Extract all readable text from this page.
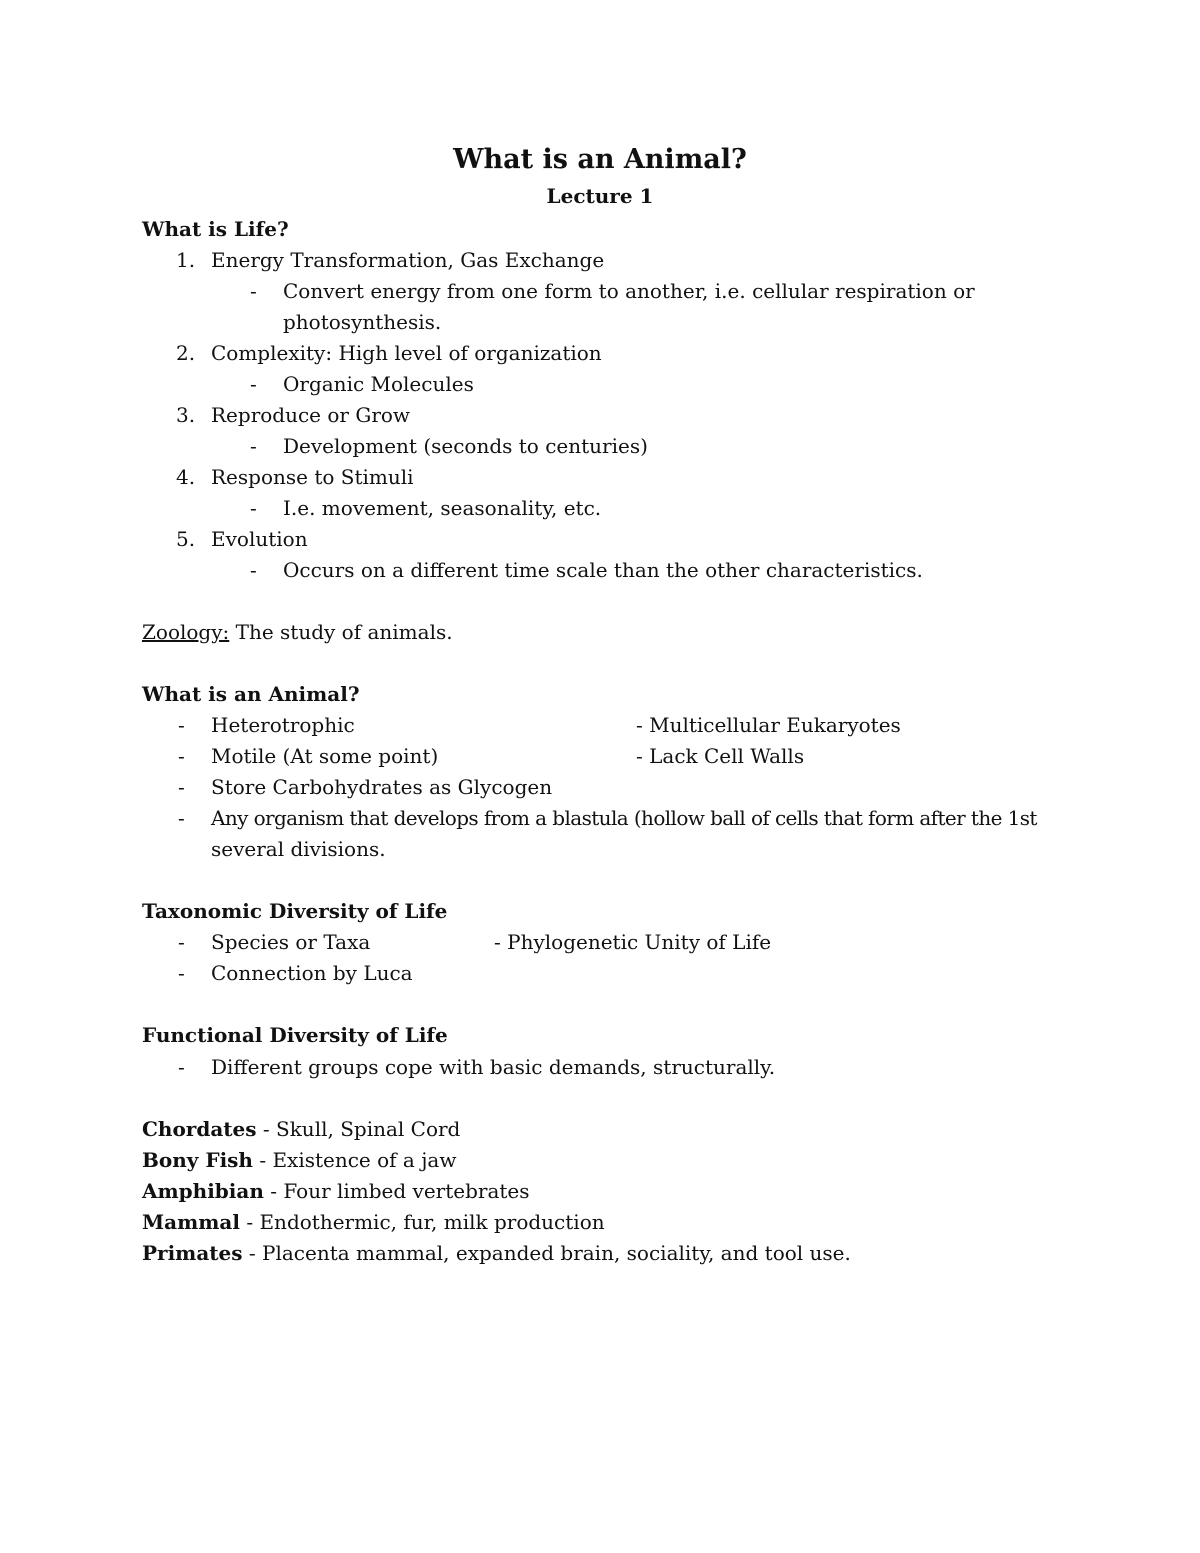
What is an Animal?
Lecture 1
What is Life?
1. Energy Transformation, Gas Exchange
- Convert energy from one form to another, i.e. cellular respiration or
photosynthesis.
2. Complexity: High level of organization
- Organic Molecules
3. Reproduce or Grow
- Development (seconds to centuries)
4. Response to Stimuli
- I.e. movement, seasonality, etc.
5. Evolution
- Occurs on a different time scale than the other characteristics.
Zoology: The study of animals.
What is an Animal?
- Heterotrophic	- Multicellular Eukaryotes
- Motile (At some point)	- Lack Cell Walls
- Store Carbohydrates as Glycogen
- Any organism that develops from a blastula (hollow ball of cells that form after the 1st
several divisions.
Taxonomic Diversity of Life
- Species or Taxa	- Phylogenetic Unity of Life
- Connection by Luca
Functional Diversity of Life
- Different groups cope with basic demands, structurally.
Chordates - Skull, Spinal Cord
Bony Fish - Existence of a jaw
Amphibian - Four limbed vertebrates
Mammal - Endothermic, fur, milk production
Primates - Placenta mammal, expanded brain, sociality, and tool use.
